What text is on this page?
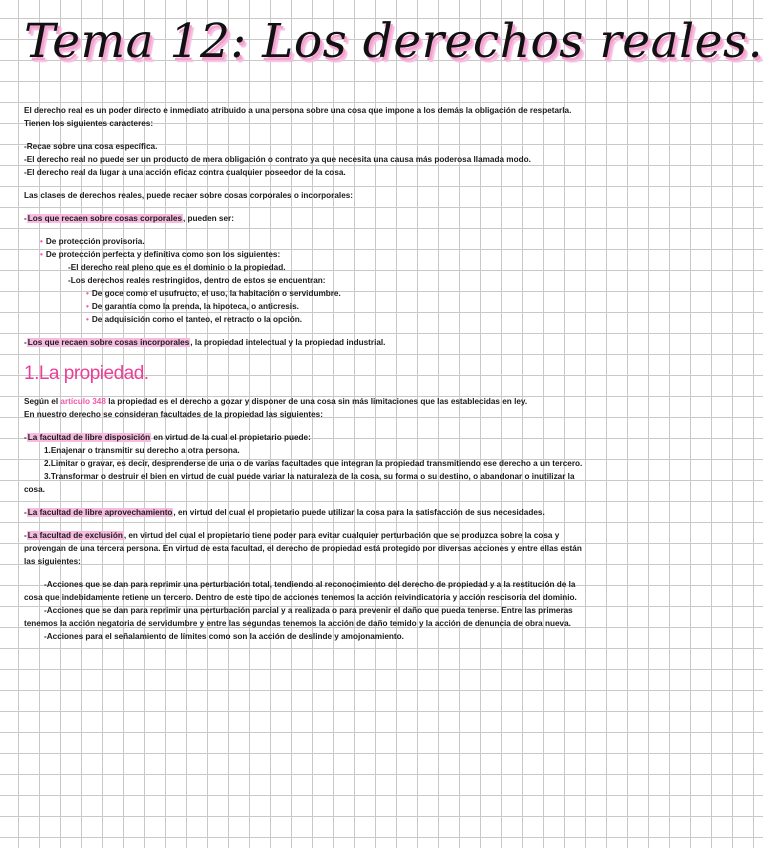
Tema 12: Los derechos reales.

El derecho real es un poder directo e inmediato atribuido a una persona sobre una cosa que impone a los demás la obligación de respetarla.

Tienen los siguientes caracteres:

-Recae sobre una cosa específica.

-El derecho real no puede ser un producto de mera obligación o contrato ya que necesita una causa más poderosa llamada modo.

-El derecho real da lugar a una acción eficaz contra cualquier poseedor de la cosa.

Las clases de derechos reales, puede recaer sobre cosas corporales o incorporales:

-Los que recaen sobre cosas corporales, pueden ser:

• De protección provisoria.

• De protección perfecta y definitiva como son los siguientes:

-El derecho real pleno que es el dominio o la propiedad.

-Los derechos reales restringidos, dentro de estos se encuentran:

• De goce como el usufructo, el uso, la habitación o servidumbre.

• De garantía como la prenda, la hipoteca, o anticresis.

• De adquisición como el tanteo, el retracto o la opción.

-Los que recaen sobre cosas incorporales, la propiedad intelectual y la propiedad industrial.

1.La propiedad.

Según el artículo 348 la propiedad es el derecho a gozar y disponer de una cosa sin más limitaciones que las establecidas en ley.

En nuestro derecho se consideran facultades de la propiedad las siguientes:

-La facultad de libre disposición en virtud de la cual el propietario puede:

1.Enajenar o transmitir su derecho a otra persona.

2.Limitar o gravar, es decir, desprenderse de una o de varias facultades que integran la propiedad transmitiendo ese derecho a un tercero.

3.Transformar o destruir el bien en virtud de cual puede variar la naturaleza de la cosa, su forma o su destino, o abandonar o inutilizar la cosa.

-La facultad de libre aprovechamiento, en virtud del cual el propietario puede utilizar la cosa para la satisfacción de sus necesidades.

-La facultad de exclusión, en virtud del cual el propietario tiene poder para evitar cualquier perturbación que se produzca sobre la cosa y provengan de una tercera persona. En virtud de esta facultad, el derecho de propiedad está protegido por diversas acciones y entre ellas están las siguientes:

-Acciones que se dan para reprimir una perturbación total, tendiendo al reconocimiento del derecho de propiedad y a la restitución de la cosa que indebidamente retiene un tercero. Dentro de este tipo de acciones tenemos la acción reivindicatoria y acción rescisoria del dominio.

-Acciones que se dan para reprimir una perturbación parcial y a realizada o para prevenir el daño que pueda tenerse. Entre las primeras tenemos la acción negatoria de servidumbre y entre las segundas tenemos la acción de daño temido y la acción de denuncia de obra nueva.

-Acciones para el señalamiento de límites como son la acción de deslinde y amojonamiento.
